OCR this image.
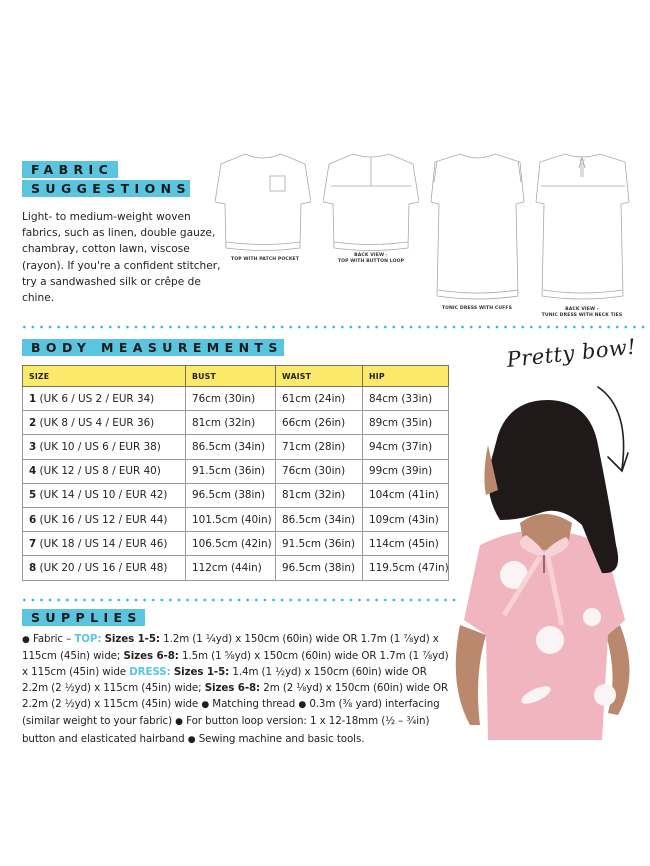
FABRIC
SUGGESTIONS

Light- to medium-weight woven fabrics, such as linen, double gauze, chambray, cotton lawn, viscose (rayon). If you're a confident stitcher, try a sandwashed silk or crêpe de chine.

TOP WITH PATCH POCKET
BACK VIEW -
TOP WITH BUTTON LOOP
TUNIC DRESS WITH CUFFS	BACK VIEW -
TUNIC DRESS WITH NECK TIES
BODY MEASUREMENTS
SIZE	BUST	WAIST	HIP
1 (UK 6 / US 2 / EUR 34)	76cm (30in)	61cm (24in)	84cm (33in)
2 (UK 8 / US 4 / EUR 36)	81cm (32in)	66cm (26in)	89cm (35in)
3 (UK 10 / US 6 / EUR 38)	86.5cm (34in)	71cm (28in)	94cm (37in)
4 (UK 12 / US 8 / EUR 40)	91.5cm (36in)	76cm (30in)	99cm (39in)
5 (UK 14 / US 10 / EUR 42)	96.5cm (38in)	81cm (32in)	104cm (41in)
6 (UK 16 / US 12 / EUR 44)	101.5cm (40in)	86.5cm (34in)	109cm (43in)
7 (UK 18 / US 14 / EUR 46)	106.5cm (42in)	91.5cm (36in)	114cm (45in)
8 (UK 20 / US 16 / EUR 48)	112cm (44in)	96.5cm (38in)	119.5cm (47in)
Pretty bow!
SUPPLIES
● Fabric – TOP: Sizes 1-5: 1.2m (1 ¼yd) x 150cm (60in) wide OR 1.7m (1 ⅞yd) x 115cm (45in) wide; Sizes 6-8: 1.5m (1 ⅝yd) x 150cm (60in) wide OR 1.7m (1 ⅞yd) x 115cm (45in) wide DRESS: Sizes 1-5: 1.4m (1 ½yd) x 150cm (60in) wide OR 2.2m (2 ½yd) x 115cm (45in) wide; Sizes 6-8: 2m (2 ⅛yd) x 150cm (60in) wide OR 2.2m (2 ½yd) x 115cm (45in) wide ● Matching thread ● 0.3m (⅜ yard) interfacing (similar weight to your fabric) ● For button loop version: 1 x 12-18mm (½ – ¾in) button and elasticated hairband ● Sewing machine and basic tools.
